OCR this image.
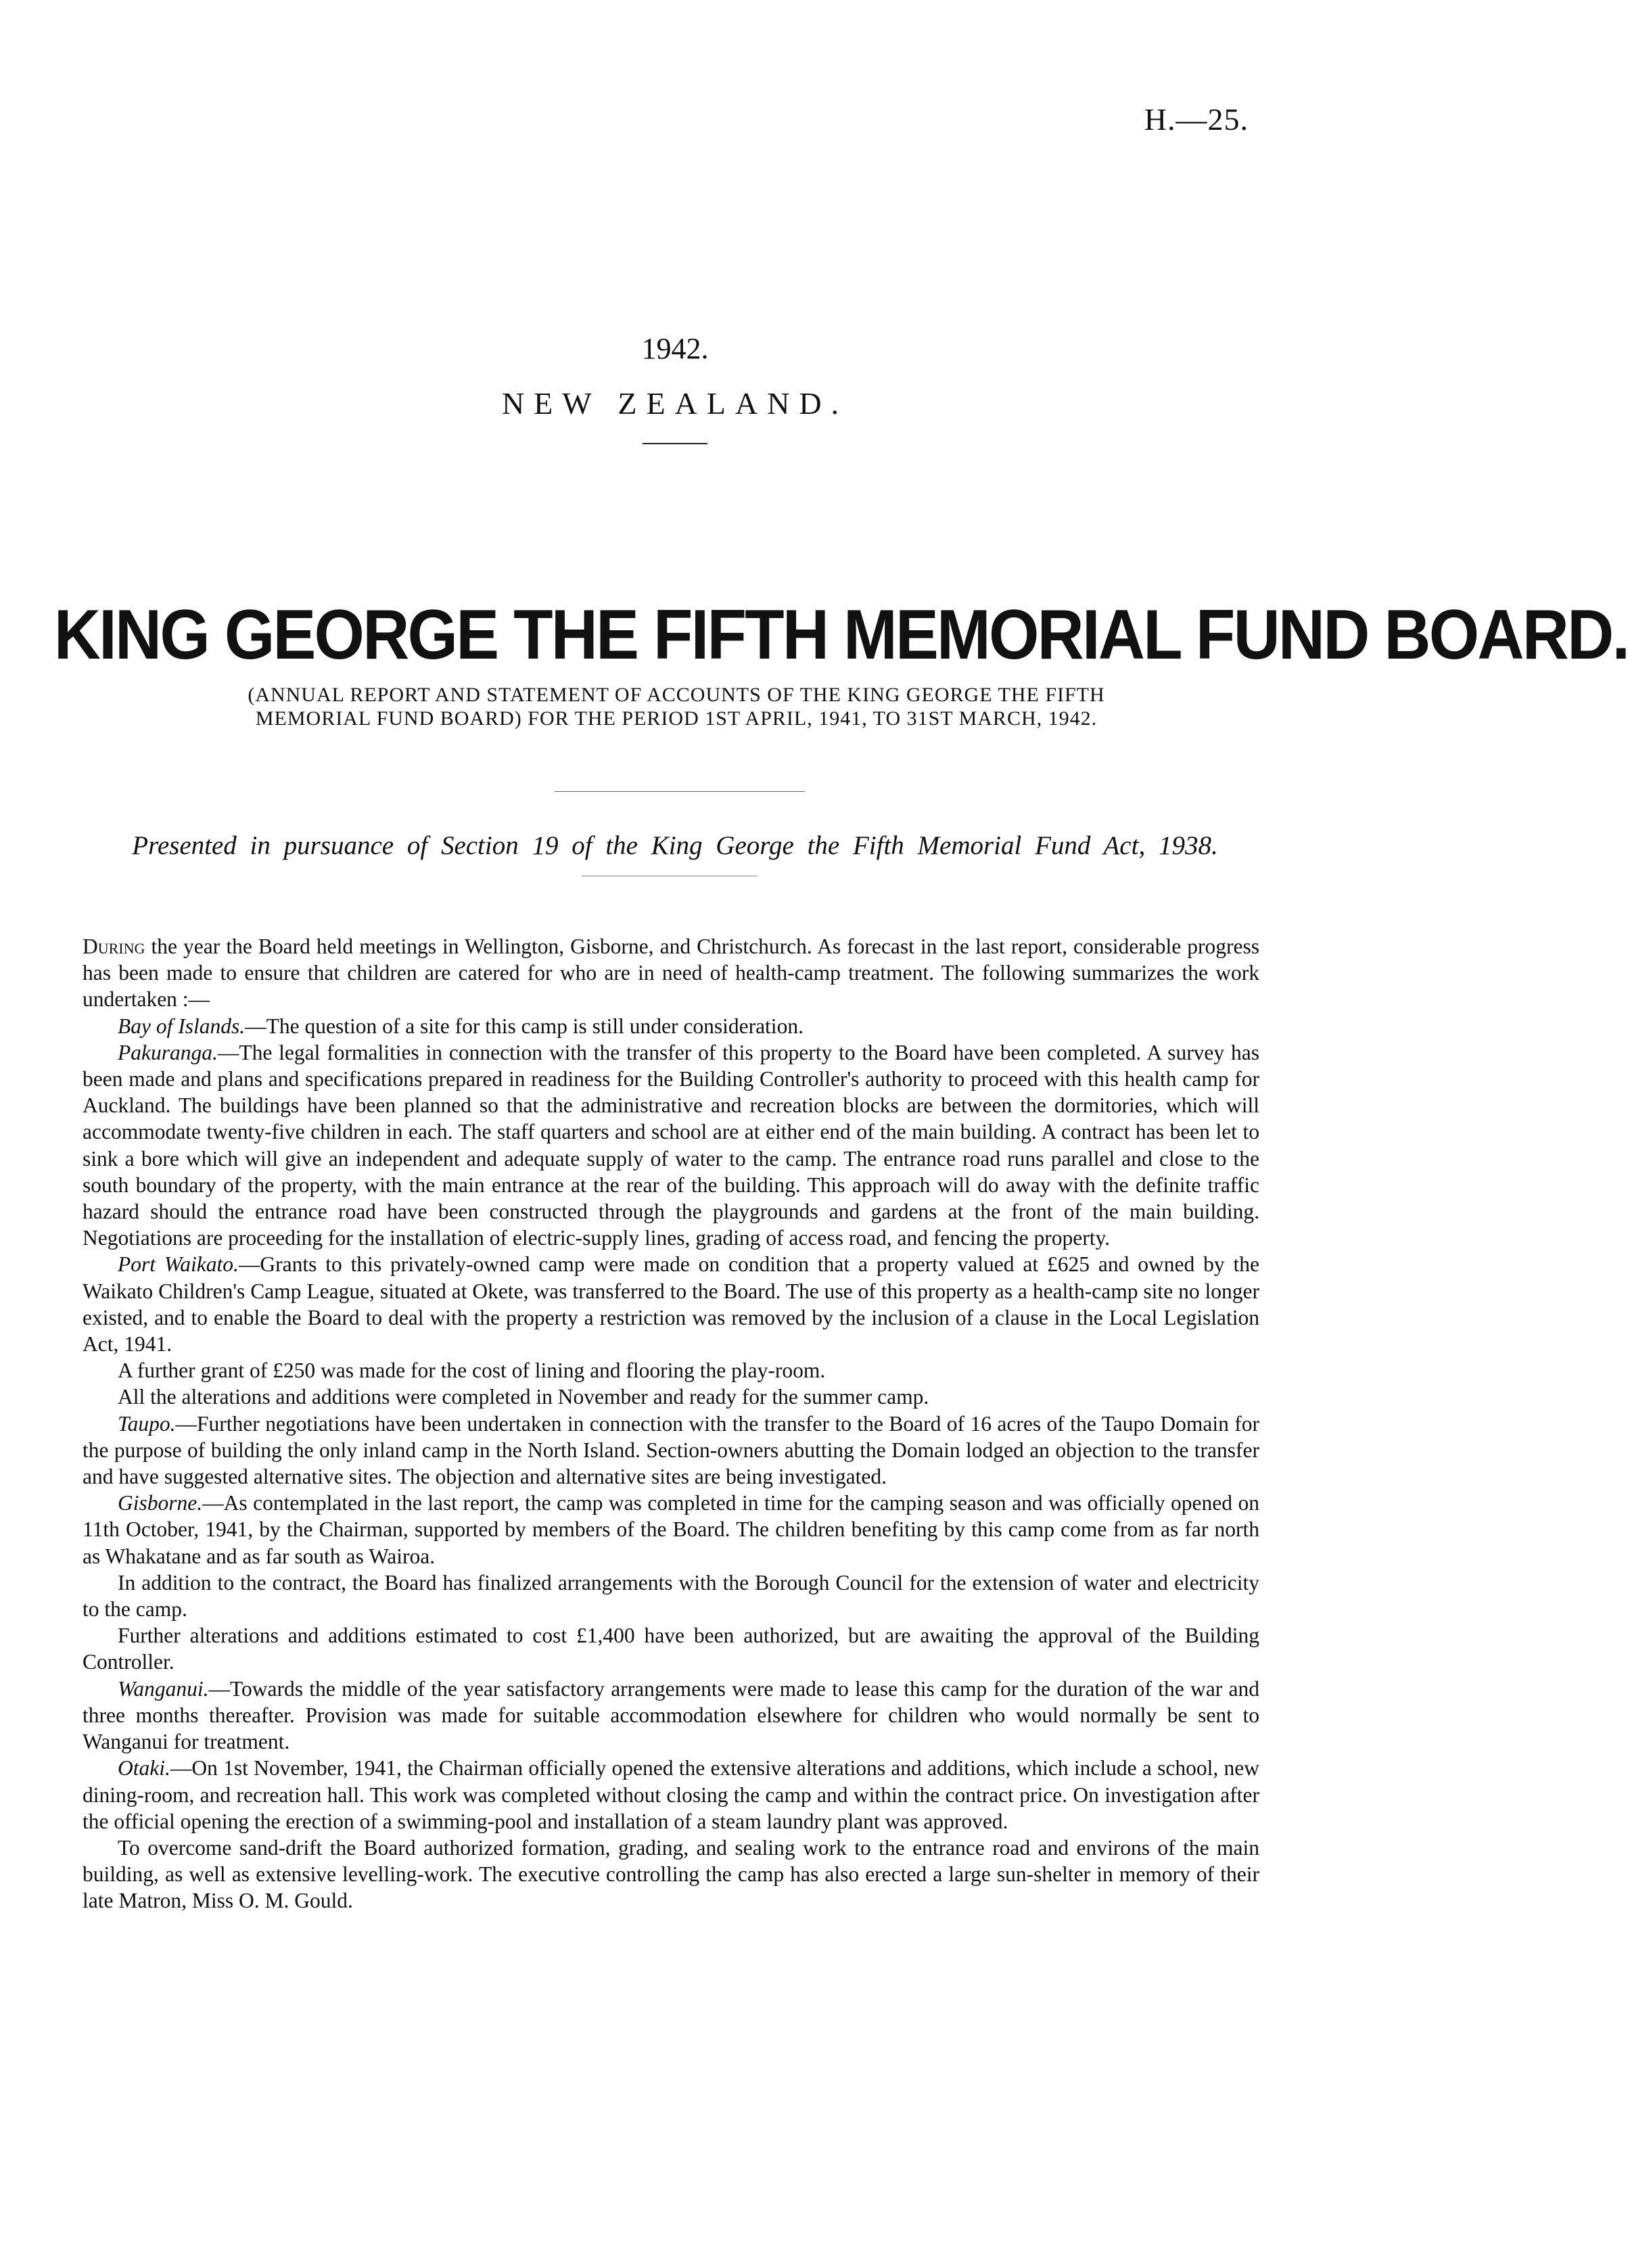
H.—25.
1942.
NEW ZEALAND.
KING GEORGE THE FIFTH MEMORIAL FUND BOARD.
(ANNUAL REPORT AND STATEMENT OF ACCOUNTS OF THE KING GEORGE THE FIFTH
MEMORIAL FUND BOARD) FOR THE PERIOD 1ST APRIL, 1941, TO 31ST MARCH, 1942.
Presented in pursuance of Section 19 of the King George the Fifth Memorial Fund Act, 1938.

During the year the Board held meetings in Wellington, Gisborne, and Christchurch. As forecast in the last report, considerable progress has been made to ensure that children are catered for who are in need of health-camp treatment. The following summarizes the work undertaken :—

Bay of Islands.—The question of a site for this camp is still under consideration.

Pakuranga.—The legal formalities in connection with the transfer of this property to the Board have been completed. A survey has been made and plans and specifications prepared in readiness for the Building Controller's authority to proceed with this health camp for Auckland. The buildings have been planned so that the administrative and recreation blocks are between the dormitories, which will accommodate twenty-five children in each. The staff quarters and school are at either end of the main building. A contract has been let to sink a bore which will give an independent and adequate supply of water to the camp. The entrance road runs parallel and close to the south boundary of the property, with the main entrance at the rear of the building. This approach will do away with the definite traffic hazard should the entrance road have been constructed through the playgrounds and gardens at the front of the main building. Negotiations are proceeding for the installation of electric-supply lines, grading of access road, and fencing the property.

Port Waikato.—Grants to this privately-owned camp were made on condition that a property valued at £625 and owned by the Waikato Children's Camp League, situated at Okete, was transferred to the Board. The use of this property as a health-camp site no longer existed, and to enable the Board to deal with the property a restriction was removed by the inclusion of a clause in the Local Legislation Act, 1941.

A further grant of £250 was made for the cost of lining and flooring the play-room.

All the alterations and additions were completed in November and ready for the summer camp.

Taupo.—Further negotiations have been undertaken in connection with the transfer to the Board of 16 acres of the Taupo Domain for the purpose of building the only inland camp in the North Island. Section-owners abutting the Domain lodged an objection to the transfer and have suggested alternative sites. The objection and alternative sites are being investigated.

Gisborne.—As contemplated in the last report, the camp was completed in time for the camping season and was officially opened on 11th October, 1941, by the Chairman, supported by members of the Board. The children benefiting by this camp come from as far north as Whakatane and as far south as Wairoa.

In addition to the contract, the Board has finalized arrangements with the Borough Council for the extension of water and electricity to the camp.

Further alterations and additions estimated to cost £1,400 have been authorized, but are awaiting the approval of the Building Controller.

Wanganui.—Towards the middle of the year satisfactory arrangements were made to lease this camp for the duration of the war and three months thereafter. Provision was made for suitable accommodation elsewhere for children who would normally be sent to Wanganui for treatment.

Otaki.—On 1st November, 1941, the Chairman officially opened the extensive alterations and additions, which include a school, new dining-room, and recreation hall. This work was completed without closing the camp and within the contract price. On investigation after the official opening the erection of a swimming-pool and installation of a steam laundry plant was approved.

To overcome sand-drift the Board authorized formation, grading, and sealing work to the entrance road and environs of the main building, as well as extensive levelling-work. The executive controlling the camp has also erected a large sun-shelter in memory of their late Matron, Miss O. M. Gould.
